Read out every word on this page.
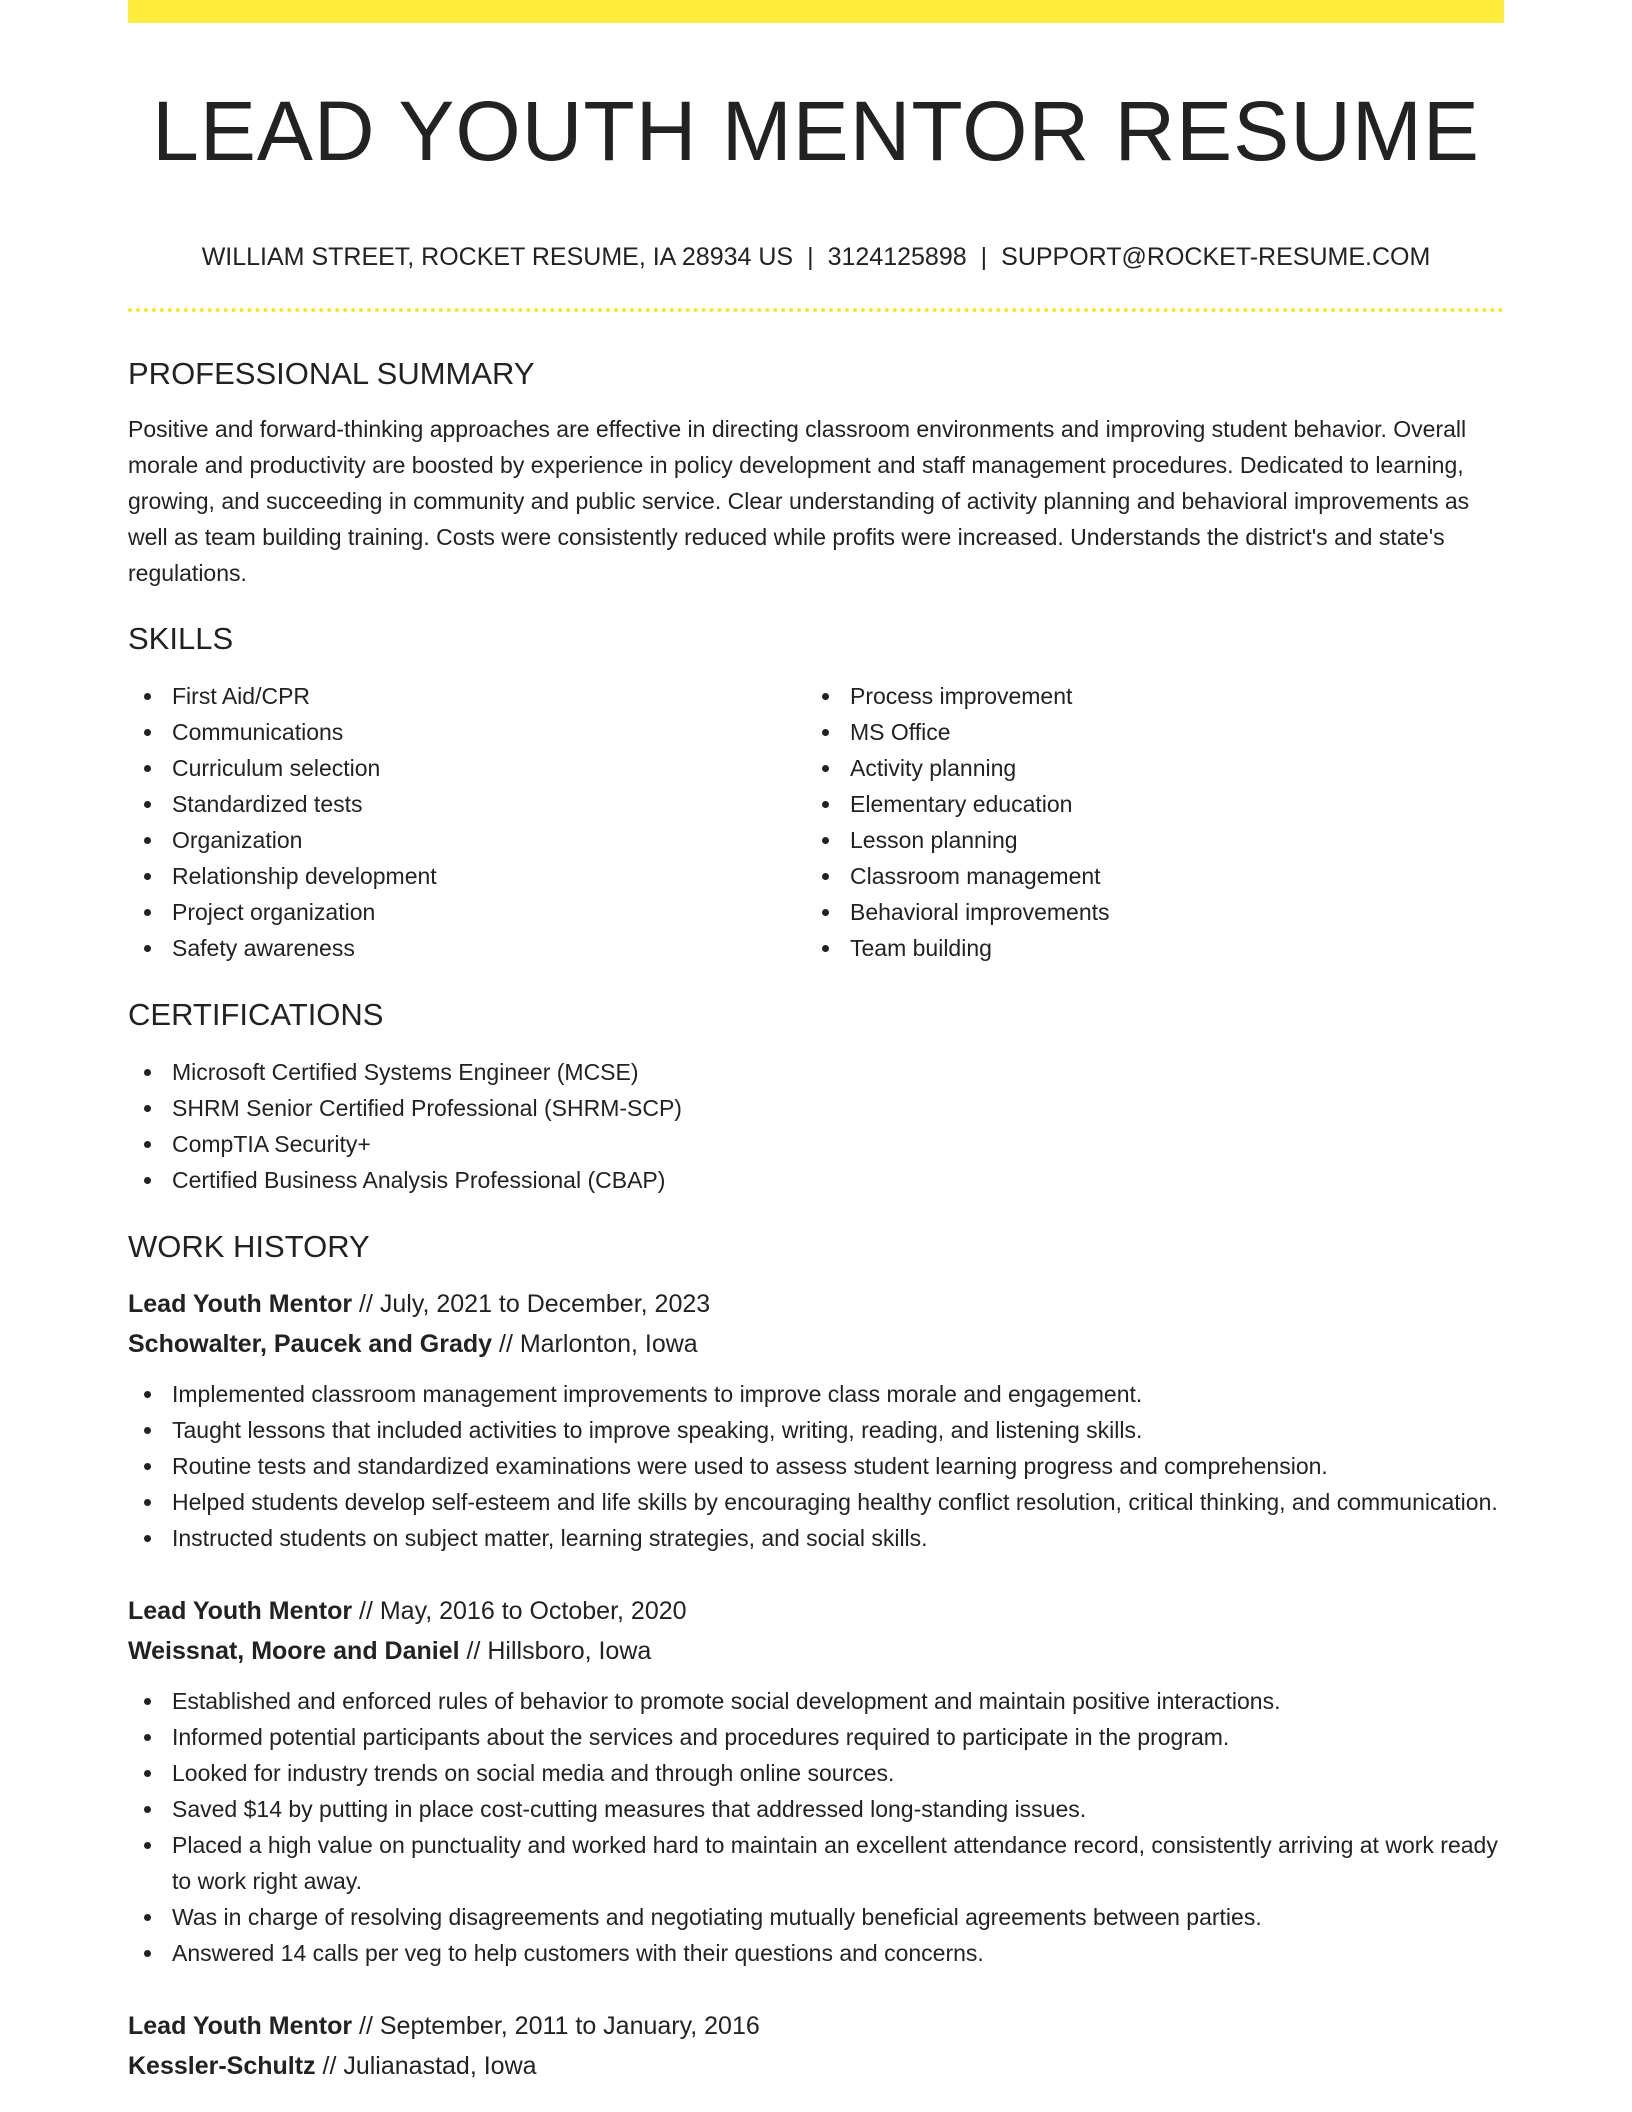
LEAD YOUTH MENTOR RESUME
WILLIAM STREET, ROCKET RESUME, IA 28934 US | 3124125898 | SUPPORT@ROCKET-RESUME.COM
PROFESSIONAL SUMMARY

Positive and forward-thinking approaches are effective in directing classroom environments and improving student behavior. Overall morale and productivity are boosted by experience in policy development and staff management procedures. Dedicated to learning, growing, and succeeding in community and public service. Clear understanding of activity planning and behavioral improvements as well as team building training. Costs were consistently reduced while profits were increased. Understands the district's and state's regulations.

SKILLS
First Aid/CPR
Communications
Curriculum selection
Standardized tests
Organization
Relationship development
Project organization
Safety awareness
Process improvement
MS Office
Activity planning
Elementary education
Lesson planning
Classroom management
Behavioral improvements
Team building
CERTIFICATIONS
Microsoft Certified Systems Engineer (MCSE)
SHRM Senior Certified Professional (SHRM-SCP)
CompTIA Security+
Certified Business Analysis Professional (CBAP)
WORK HISTORY
Lead Youth Mentor // July, 2021 to December, 2023
Schowalter, Paucek and Grady // Marlonton, Iowa
Implemented classroom management improvements to improve class morale and engagement.
Taught lessons that included activities to improve speaking, writing, reading, and listening skills.
Routine tests and standardized examinations were used to assess student learning progress and comprehension.
Helped students develop self-esteem and life skills by encouraging healthy conflict resolution, critical thinking, and communication.
Instructed students on subject matter, learning strategies, and social skills.
Lead Youth Mentor // May, 2016 to October, 2020
Weissnat, Moore and Daniel // Hillsboro, Iowa
Established and enforced rules of behavior to promote social development and maintain positive interactions.
Informed potential participants about the services and procedures required to participate in the program.
Looked for industry trends on social media and through online sources.
Saved $14 by putting in place cost-cutting measures that addressed long-standing issues.
Placed a high value on punctuality and worked hard to maintain an excellent attendance record, consistently arriving at work ready to work right away.
Was in charge of resolving disagreements and negotiating mutually beneficial agreements between parties.
Answered 14 calls per veg to help customers with their questions and concerns.
Lead Youth Mentor // September, 2011 to January, 2016
Kessler-Schultz // Julianastad, Iowa
